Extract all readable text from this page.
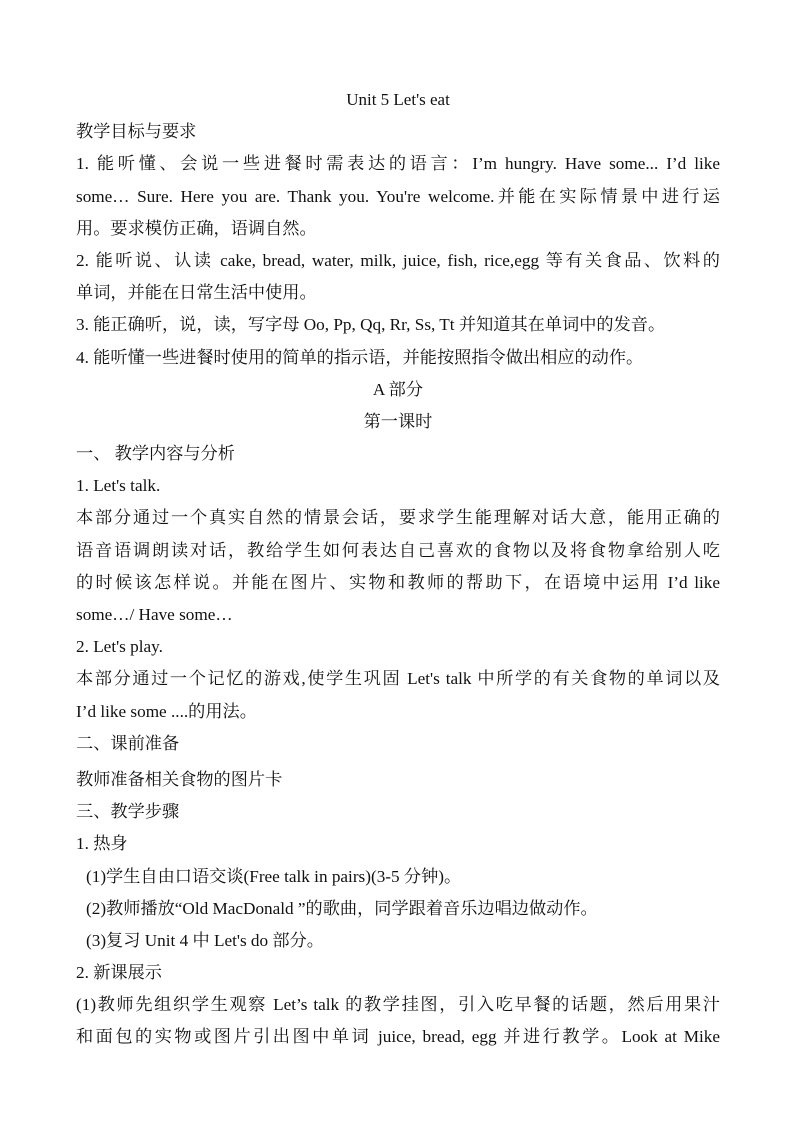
Unit 5 Let's eat
教学目标与要求
1. 能听懂、会说一些进餐时需表达的语言：I’m hungry. Have some... I’d like
some… Sure. Here you are. Thank you. You're welcome.并能在实际情景中进行运
用。要求模仿正确，语调自然。
2. 能听说、认读 cake, bread, water, milk, juice, fish, rice,egg 等有关食品、饮料的
单词，并能在日常生活中使用。
3. 能正确听，说，读，写字母 Oo, Pp, Qq, Rr, Ss, Tt 并知道其在单词中的发音。
4. 能听懂一些进餐时使用的简单的指示语，并能按照指令做出相应的动作。
A 部分
第一课时
一、 教学内容与分析
1. Let's talk.
本部分通过一个真实自然的情景会话，要求学生能理解对话大意，能用正确的
语音语调朗读对话，教给学生如何表达自己喜欢的食物以及将食物拿给别人吃
的时候该怎样说。并能在图片、实物和教师的帮助下，在语境中运用 I’d like
some…/ Have some…
2. Let's play.
本部分通过一个记忆的游戏,使学生巩固 Let's talk 中所学的有关食物的单词以及
I’d like some ....的用法。
二、课前准备
教师准备相关食物的图片卡
三、教学步骤
1. 热身
(1)学生自由口语交谈(Free talk in pairs)(3-5 分钟)。
(2)教师播放“Old MacDonald ”的歌曲，同学跟着音乐边唱边做动作。
(3)复习 Unit 4 中 Let's do 部分。
2. 新课展示
(1)教师先组织学生观察 Let’s talk 的教学挂图，引入吃早餐的话题，然后用果汁
和面包的实物或图片引出图中单词 juice, bread, egg 并进行教学。Look at Mike
